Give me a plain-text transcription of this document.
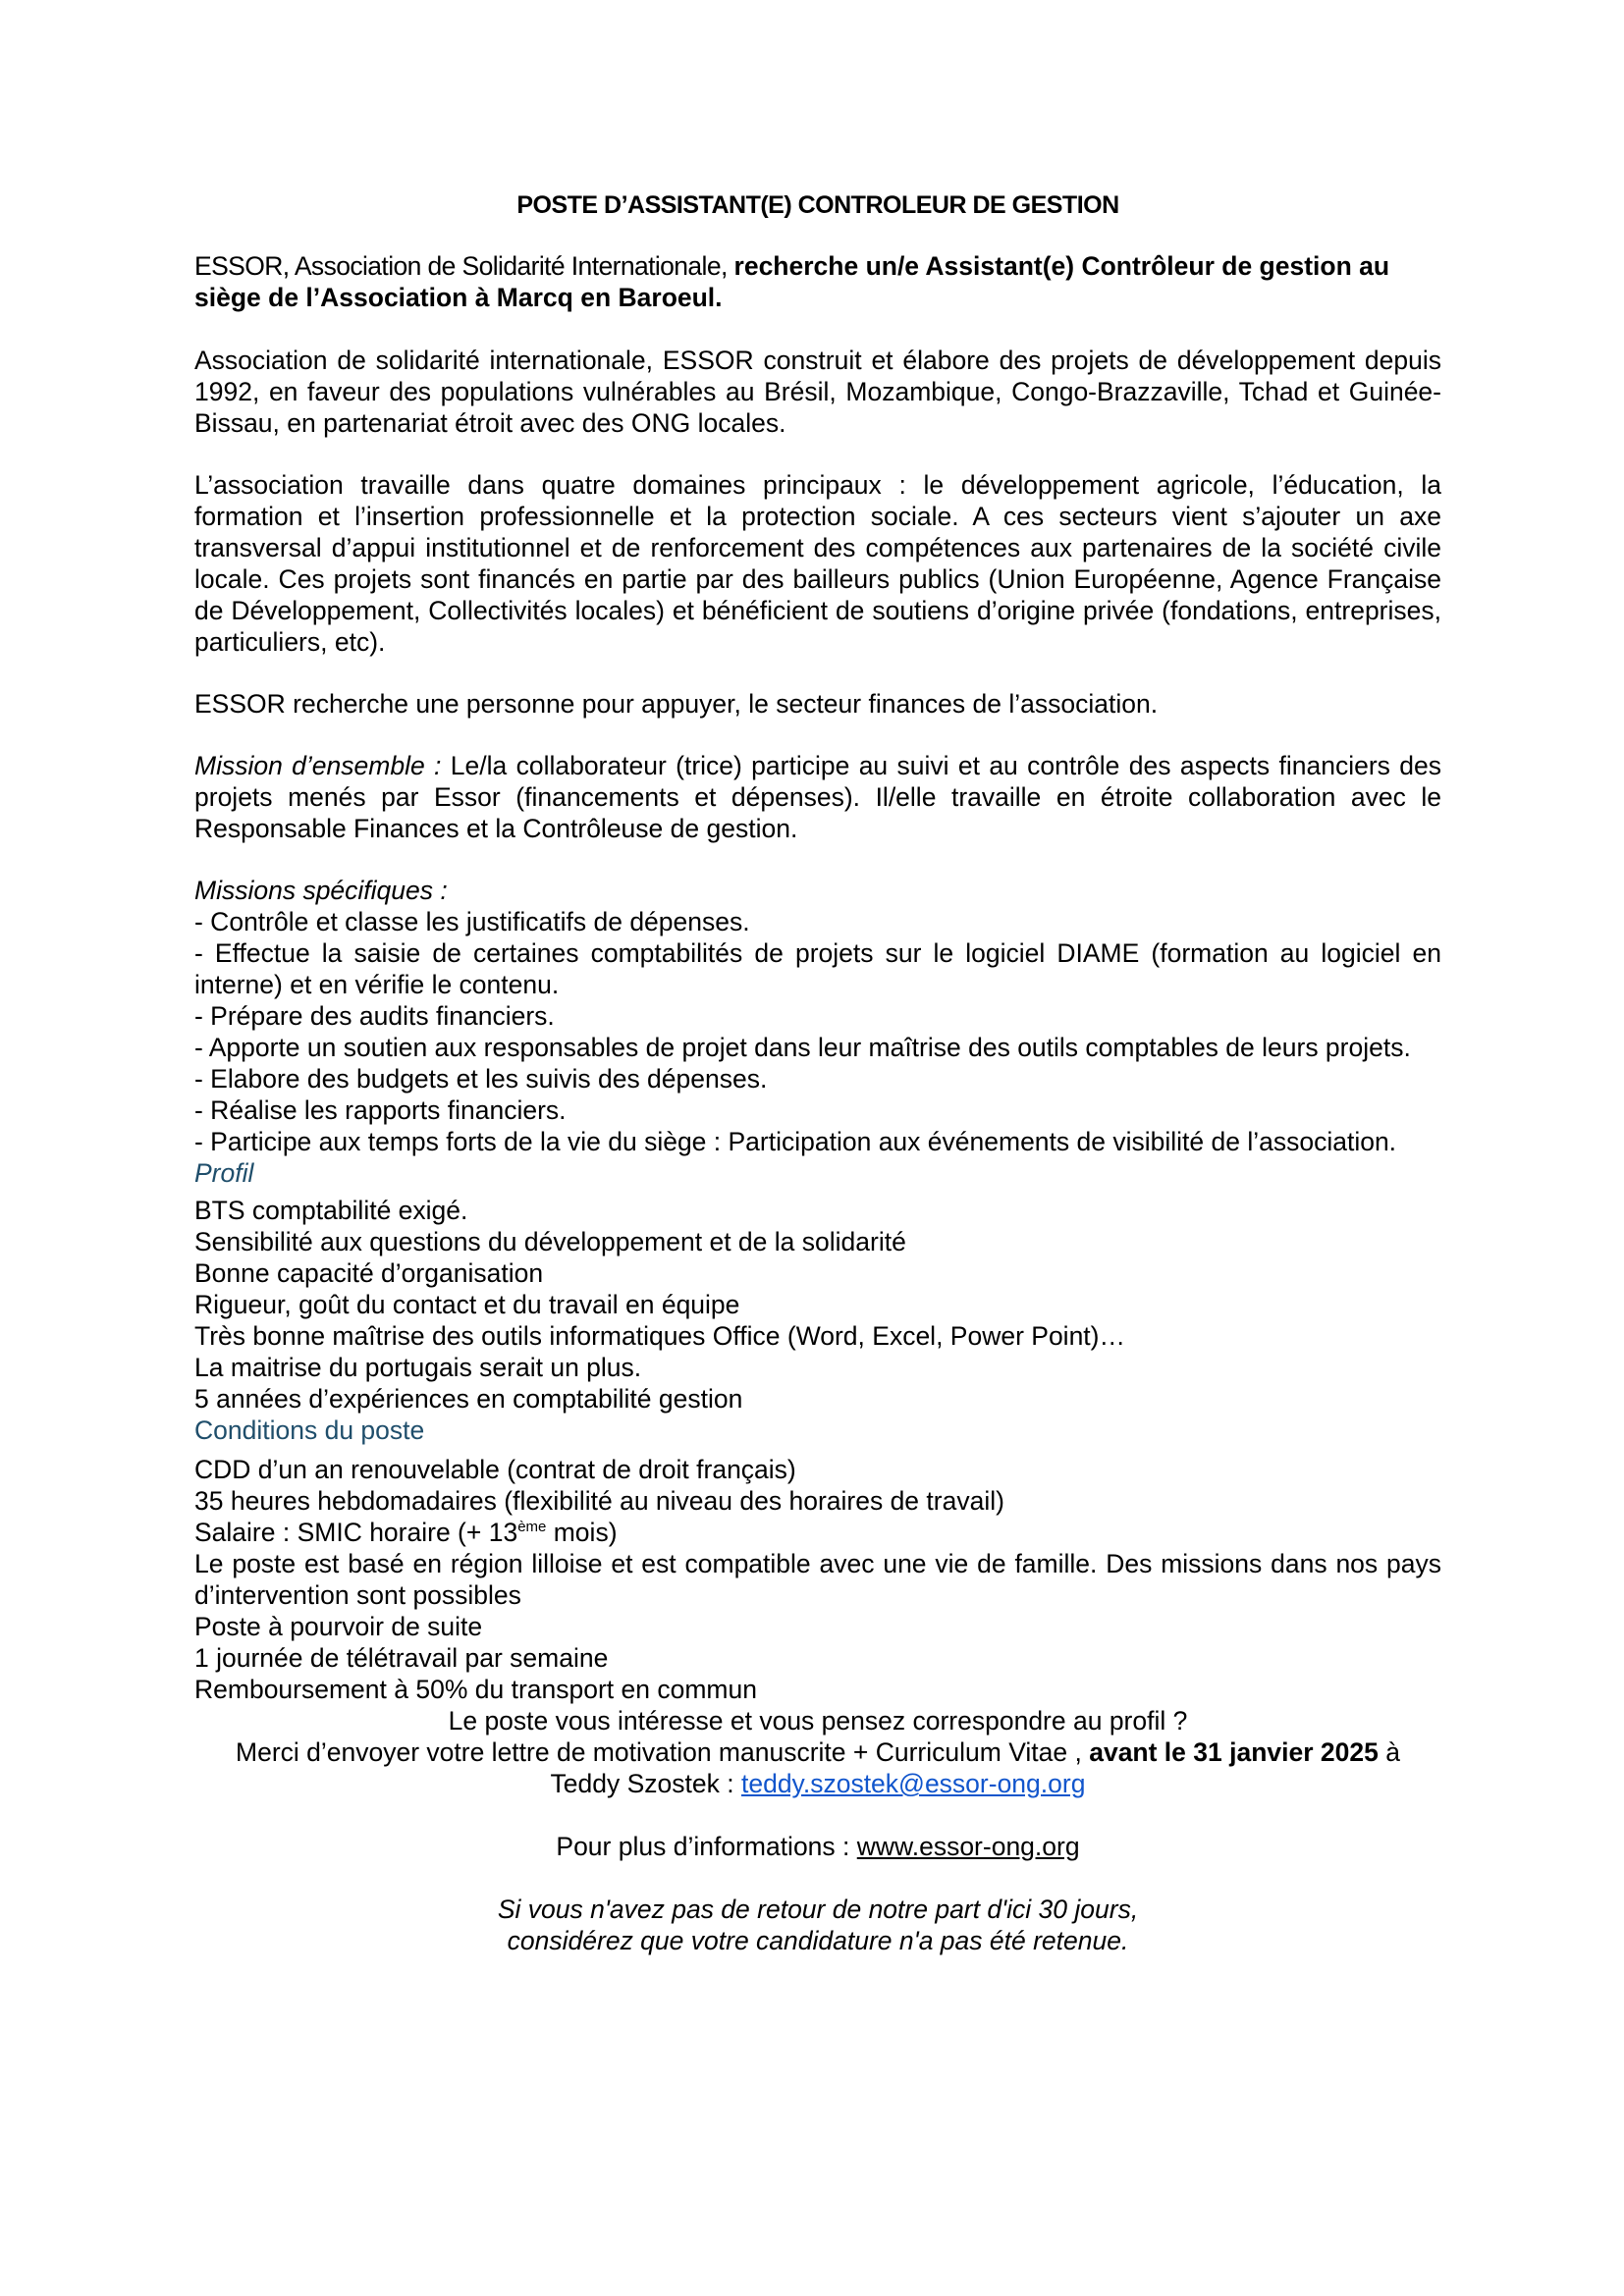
POSTE D’ASSISTANT(E) CONTROLEUR DE GESTION

ESSOR, Association de Solidarité Internationale, recherche un/e Assistant(e) Contrôleur de gestion au siège de l’Association à Marcq en Baroeul.

Association de solidarité internationale, ESSOR construit et élabore des projets de développement depuis 1992, en faveur des populations vulnérables au Brésil, Mozambique, Congo-Brazzaville, Tchad et Guinée-Bissau, en partenariat étroit avec des ONG locales.

L’association travaille dans quatre domaines principaux : le développement agricole, l’éducation, la formation et l’insertion professionnelle et la protection sociale. A ces secteurs vient s’ajouter un axe transversal d’appui institutionnel et de renforcement des compétences aux partenaires de la société civile locale. Ces projets sont financés en partie par des bailleurs publics (Union Européenne, Agence Française de Développement, Collectivités locales) et bénéficient de soutiens d’origine privée (fondations, entreprises, particuliers, etc).

ESSOR recherche une personne pour appuyer, le secteur finances de l’association.

Mission d’ensemble : Le/la collaborateur (trice) participe au suivi et au contrôle des aspects financiers des projets menés par Essor (financements et dépenses). Il/elle travaille en étroite collaboration avec le Responsable Finances et la Contrôleuse de gestion.

Missions spécifiques :

- Contrôle et classe les justificatifs de dépenses.
- Effectue la saisie de certaines comptabilités de projets sur le logiciel DIAME (formation au logiciel en interne) et en vérifie le contenu.
- Prépare des audits financiers.
- Apporte un soutien aux responsables de projet dans leur maîtrise des outils comptables de leurs projets.
- Elabore des budgets et les suivis des dépenses.
- Réalise les rapports financiers.
- Participe aux temps forts de la vie du siège : Participation aux événements de visibilité de l’association.

Profil

BTS comptabilité exigé.
Sensibilité aux questions du développement et de la solidarité
Bonne capacité d’organisation
Rigueur, goût du contact et du travail en équipe
Très bonne maîtrise des outils informatiques Office (Word, Excel, Power Point)…
La maitrise du portugais serait un plus.
5 années d’expériences en comptabilité gestion

Conditions du poste

CDD d’un an renouvelable (contrat de droit français)
35 heures hebdomadaires (flexibilité au niveau des horaires de travail)
Salaire : SMIC horaire (+ 13ème mois)
Le poste est basé en région lilloise et est compatible avec une vie de famille. Des missions dans nos pays d’intervention sont possibles
Poste à pourvoir de suite
1 journée de télétravail par semaine
Remboursement à 50% du transport en commun

Le poste vous intéresse et vous pensez correspondre au profil ?

Merci d’envoyer votre lettre de motivation manuscrite + Curriculum Vitae , avant le 31 janvier 2025 à

Teddy Szostek : teddy.szostek@essor-ong.org

Pour plus d’informations : www.essor-ong.org

Si vous n'avez pas de retour de notre part d'ici 30 jours,

considérez que votre candidature n'a pas été retenue.
